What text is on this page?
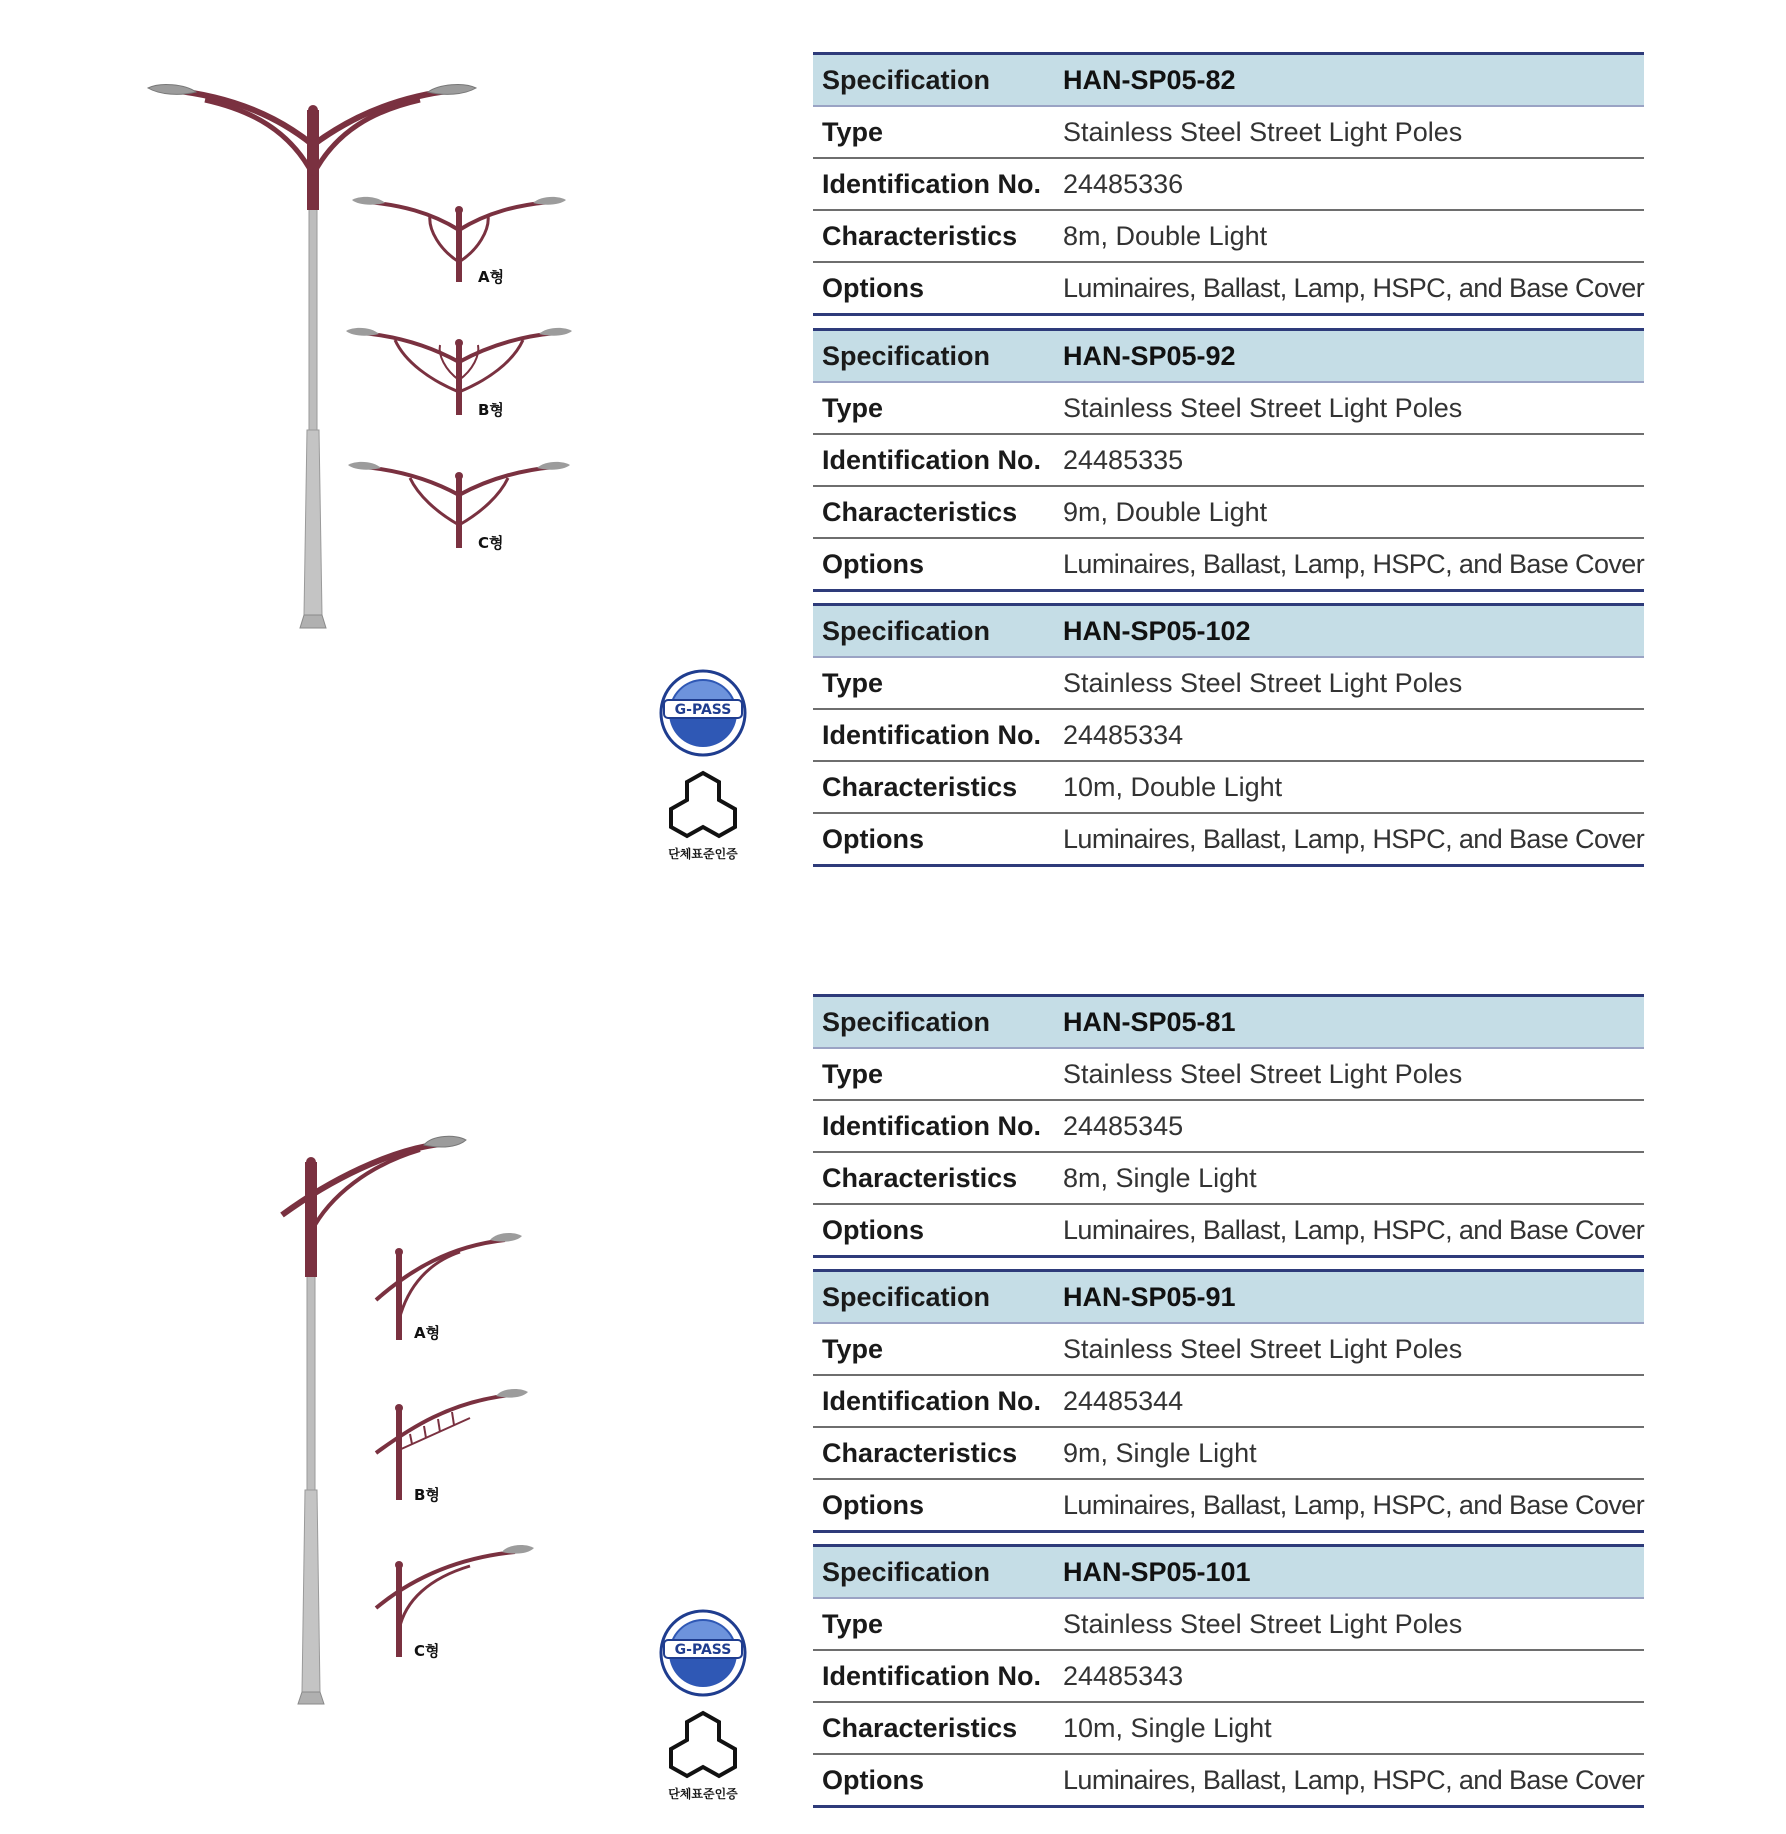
A형
B형
C형
G-PASS
단체표준인증
Specification		HAN-SP05-82
Type		Stainless Steel Street Light Poles
Identification No.		24485336
Characteristics		8m, Double Light
Options		Luminaires, Ballast, Lamp, HSPC, and Base Cover
Specification		HAN-SP05-92
Type		Stainless Steel Street Light Poles
Identification No.		24485335
Characteristics		9m, Double Light
Options		Luminaires, Ballast, Lamp, HSPC, and Base Cover
Specification		HAN-SP05-102
Type		Stainless Steel Street Light Poles
Identification No.		24485334
Characteristics		10m, Double Light
Options		Luminaires, Ballast, Lamp, HSPC, and Base Cover
A형
B형
C형	G-PASS
단체표준인증
Specification		HAN-SP05-81
Type		Stainless Steel Street Light Poles
Identification No.		24485345
Characteristics		8m, Single Light
Options		Luminaires, Ballast, Lamp, HSPC, and Base Cover
Specification		HAN-SP05-91
Type		Stainless Steel Street Light Poles
Identification No.		24485344
Characteristics		9m, Single Light
Options		Luminaires, Ballast, Lamp, HSPC, and Base Cover
Specification		HAN-SP05-101
Type		Stainless Steel Street Light Poles
Identification No.		24485343
Characteristics		10m, Single Light
Options		Luminaires, Ballast, Lamp, HSPC, and Base Cover
